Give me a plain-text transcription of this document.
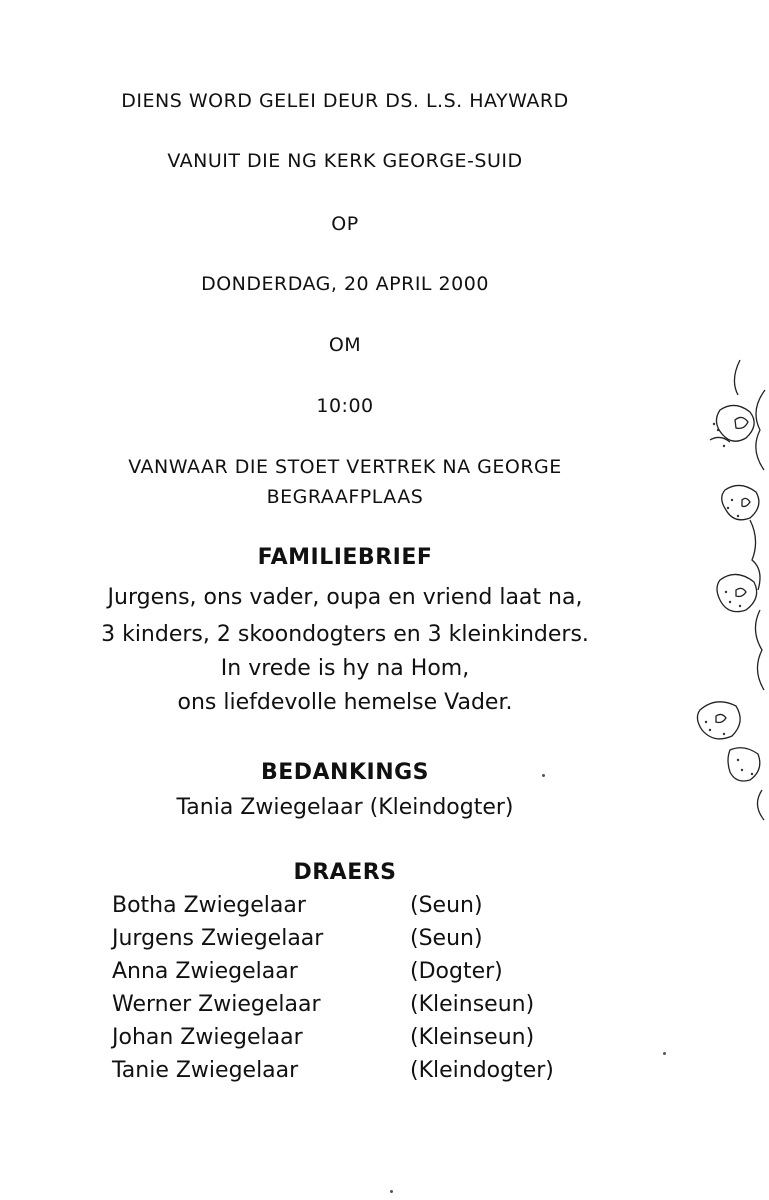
DIENS WORD GELEI DEUR DS. L.S. HAYWARD
VANUIT DIE NG KERK GEORGE-SUID
OP
DONDERDAG, 20 APRIL 2000
OM
10:00
VANWAAR DIE STOET VERTREK NA GEORGE
BEGRAAFPLAAS
FAMILIEBRIEF
Jurgens, ons vader, oupa en vriend laat na,
3 kinders, 2 skoondogters en 3 kleinkinders.
In vrede is hy na Hom,
ons liefdevolle hemelse Vader.
BEDANKINGS
Tania Zwiegelaar (Kleindogter)
DRAERS
Botha Zwiegelaar	(Seun)
Jurgens Zwiegelaar	(Seun)
Anna Zwiegelaar	(Dogter)
Werner Zwiegelaar	(Kleinseun)
Johan Zwiegelaar	(Kleinseun)
Tanie Zwiegelaar	(Kleindogter)
